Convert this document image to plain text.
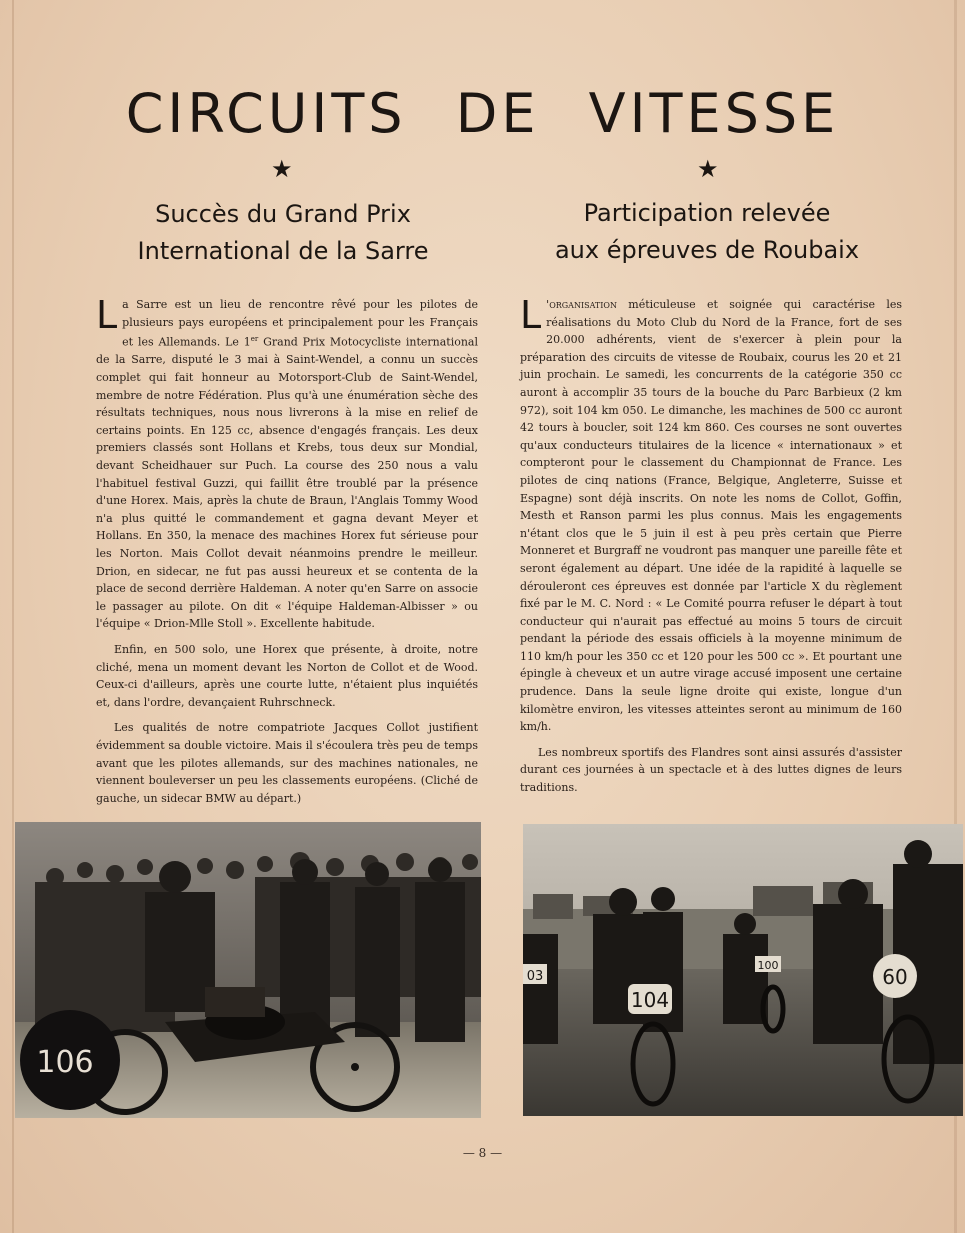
CIRCUITS DE VITESSE
★	★
Succès du Grand Prix
International de la Sarre
Participation relevée
aux épreuves de Roubaix

La Sarre est un lieu de rencontre rêvé pour les pilotes de plusieurs pays européens et principalement pour les Français et les Allemands. Le 1er Grand Prix Motocycliste international de la Sarre, disputé le 3 mai à Saint-Wendel, a connu un succès complet qui fait honneur au Motorsport-Club de Saint-Wendel, membre de notre Fédération. Plus qu'à une énumération sèche des résultats techniques, nous nous livrerons à la mise en relief de certains points. En 125 cc, absence d'engagés français. Les deux premiers classés sont Hollans et Krebs, tous deux sur Mondial, devant Scheidhauer sur Puch. La course des 250 nous a valu l'habituel festival Guzzi, qui faillit être troublé par la présence d'une Horex. Mais, après la chute de Braun, l'Anglais Tommy Wood n'a plus quitté le commandement et gagna devant Meyer et Hollans. En 350, la menace des machines Horex fut sérieuse pour les Norton. Mais Collot devait néanmoins prendre le meilleur. Drion, en sidecar, ne fut pas aussi heureux et se contenta de la place de second derrière Haldeman. A noter qu'en Sarre on associe le passager au pilote. On dit « l'équipe Haldeman-Albisser » ou l'équipe « Drion-Mlle Stoll ». Excellente habitude.

Enfin, en 500 solo, une Horex que présente, à droite, notre cliché, mena un moment devant les Norton de Collot et de Wood. Ceux-ci d'ailleurs, après une courte lutte, n'étaient plus inquiétés et, dans l'ordre, devançaient Ruhrschneck.

Les qualités de notre compatriote Jacques Collot justifient évidemment sa double victoire. Mais il s'écoulera très peu de temps avant que les pilotes allemands, sur des machines nationales, ne viennent bouleverser un peu les classements européens. (Cliché de gauche, un sidecar BMW au départ.)

L 'organisation méticuleuse et soignée qui caractérise les réalisations du Moto Club du Nord de la France, fort de ses 20.000 adhérents, vient de s'exercer à plein pour la préparation des circuits de vitesse de Roubaix, courus les 20 et 21 juin prochain. Le samedi, les concurrents de la catégorie 350 cc auront à accomplir 35 tours de la bouche du Parc Barbieux (2 km 972), soit 104 km 050. Le dimanche, les machines de 500 cc auront 42 tours à boucler, soit 124 km 860. Ces courses ne sont ouvertes qu'aux conducteurs titulaires de la licence « internationaux » et compteront pour le classement du Championnat de France. Les pilotes de cinq nations (France, Belgique, Angleterre, Suisse et Espagne) sont déjà inscrits. On note les noms de Collot, Goffin, Mesth et Ranson parmi les plus connus. Mais les engagements n'étant clos que le 5 juin il est à peu près certain que Pierre Monneret et Burgraff ne voudront pas manquer une pareille fête et seront également au départ. Une idée de la rapidité à laquelle se dérouleront ces épreuves est donnée par l'article X du règlement fixé par le M. C. Nord : « Le Comité pourra refuser le départ à tout conducteur qui n'aurait pas effectué au moins 5 tours de circuit pendant la période des essais officiels à la moyenne minimum de 110 km/h pour les 350 cc et 120 pour les 500 cc ». Et pourtant une épingle à cheveux et un autre virage accusé imposent une certaine prudence. Dans la seule ligne droite qui existe, longue d'un kilomètre environ, les vitesses atteintes seront au minimum de 160 km/h.

Les nombreux sportifs des Flandres sont ainsi assurés d'assister durant ces journées à un spectacle et à des luttes dignes de leurs traditions.

106
104
60
03
100
— 8 —
